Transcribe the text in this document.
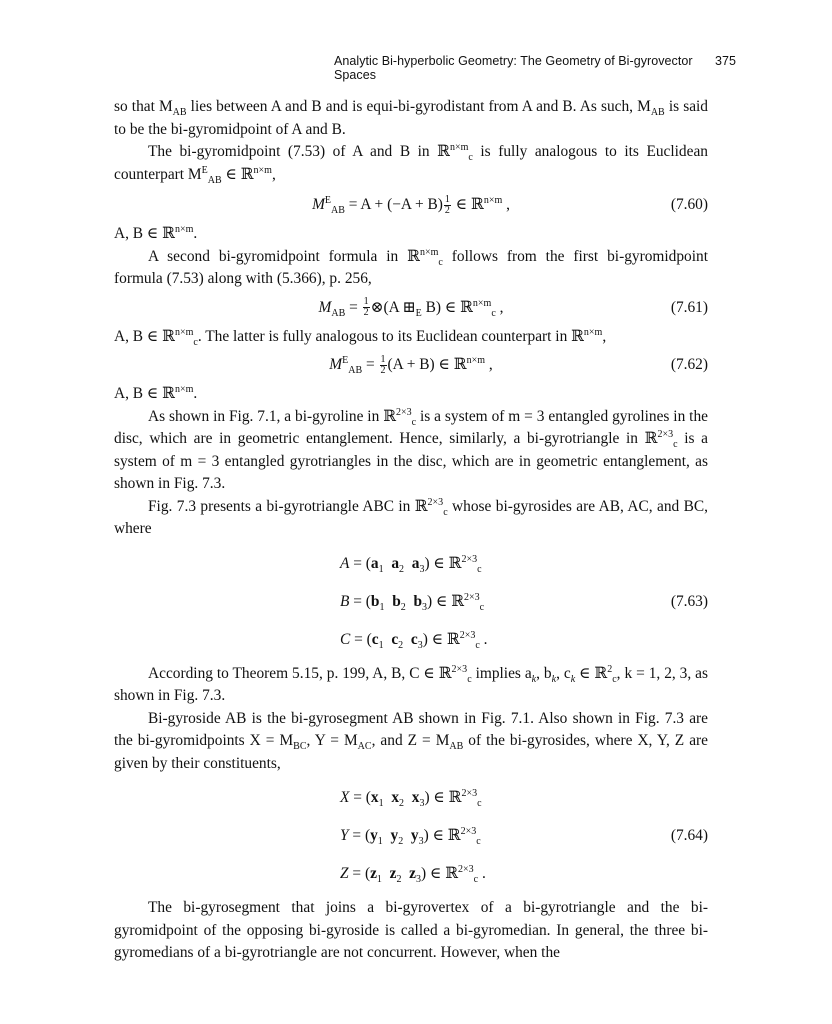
Analytic Bi-hyperbolic Geometry: The Geometry of Bi-gyrovector Spaces
375

so that $M_{AB}$ lies between A and B and is equi-bi-gyrodistant from A and B. As such, $M_{AB}$ is said to be the bi-gyromidpoint of A and B.

The bi-gyromidpoint (7.53) of A and B in ℝ$^{n\times m}_c$ is fully analogous to its Euclidean counterpart $M^E_{AB}$ ∈ ℝ$^{n\times m}$,

$M^E_{AB} = A + (-A + B) \frac{1}{2}$ ∈ ℝ$^{n\times m}$ ,	(7.60)

A, B ∈ ℝ$^{n\times m}$.

A second bi-gyromidpoint formula in ℝ$^{n\times m}_c$ follows from the first bi-gyromidpoint formula (7.53) along with (5.366), p. 256,

$M_{AB} = \frac{1}{2}$ ⊗(A $⊞_E$ B) ∈ ℝ$^{n\times m}_c$ ,	(7.61)

A, B ∈ ℝ$^{n\times m}_c$. The latter is fully analogous to its Euclidean counterpart in ℝ$^{n\times m}$,

$M^E_{AB} = \frac{1}{2} (A + B)$ ∈ ℝ$^{n\times m}$ ,	(7.62)

A, B ∈ ℝ$^{n\times m}$.

As shown in Fig. 7.1, a bi-gyroline in ℝ$^{2\times 3}_c$ is a system of m = 3 entangled gyrolines in the disc, which are in geometric entanglement. Hence, similarly, a bi-gyrotriangle in ℝ$^{2\times 3}_c$ is a system of m = 3 entangled gyrotriangles in the disc, which are in geometric entanglement, as shown in Fig. 7.3.

Fig. 7.3 presents a bi-gyrotriangle ABC in ℝ$^{2\times 3}_c$ whose bi-gyrosides are AB, AC, and BC, where

$A = (a_1$ $a_2$ $a_3$) ∈ ℝ$^{2\times 3}_c$
$B = (b_1$ $b_2$ $b_3$) ∈ ℝ$^{2\times 3}_c$
$C = (c_1$ $c_2$ $c_3$) ∈ ℝ$^{2\times 3}_c$ .
(7.63)

According to Theorem 5.15, p. 199, A, B, C ∈ ℝ$^{2\times 3}_c$ implies $a_k$, $b_k$, $c_k$ ∈ ℝ$^2_c$, k = 1, 2, 3, as shown in Fig. 7.3.

Bi-gyroside AB is the bi-gyrosegment AB shown in Fig. 7.1. Also shown in Fig. 7.3 are the bi-gyromidpoints $X = M_{BC}$, $Y = M_{AC}$, and $Z = M_{AB}$ of the bi-gyrosides, where X, Y, Z are given by their constituents,

$X = (x_1$ $x_2$ $x_3$) ∈ ℝ$^{2\times 3}_c$
$Y = (y_1$ $y_2$ $y_3$) ∈ ℝ$^{2\times 3}_c$
$Z = (z_1$ $z_2$ $z_3$) ∈ ℝ$^{2\times 3}_c$ .
(7.64)

The bi-gyrosegment that joins a bi-gyrovertex of a bi-gyrotriangle and the bi-gyromidpoint of the opposing bi-gyroside is called a bi-gyromedian. In general, the three bi-gyromedians of a bi-gyrotriangle are not concurrent. However, when the
